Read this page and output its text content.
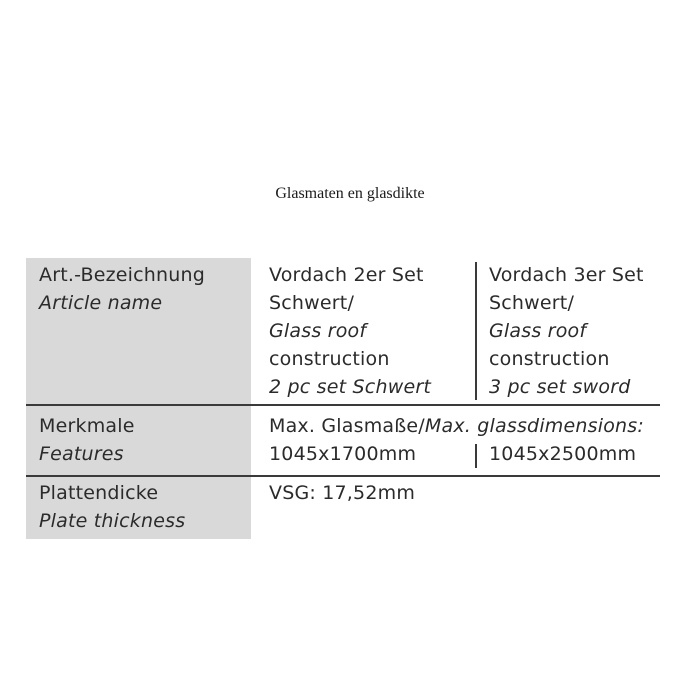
Glasmaten en glasdikte
Art.-Bezeichnung
Article name
Vordach 2er Set
Schwert/
Glass roof
construction
2 pc set Schwert
Vordach 3er Set
Schwert/
Glass roof
construction
3 pc set sword
Merkmale
Features
Max. Glasmaße/Max. glassdimensions:
1045x1700mm	1045x2500mm
Plattendicke
Plate thickness
VSG: 17,52mm
